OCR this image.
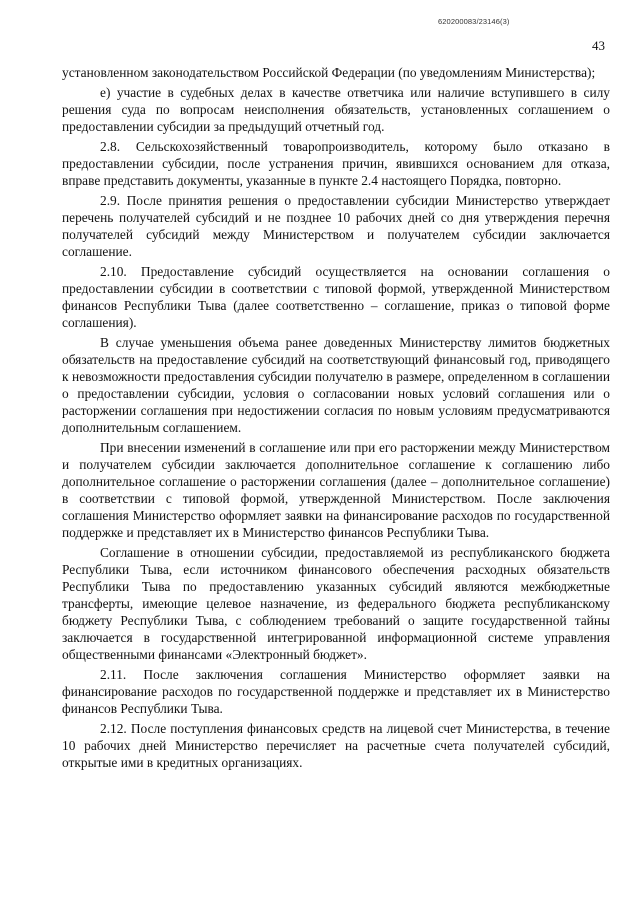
620200083/23146(3)
43

установленном законодательством Российской Федерации (по уведомлениям Министерства);

е) участие в судебных делах в качестве ответчика или наличие вступившего в силу решения суда по вопросам неисполнения обязательств, установленных соглашением о предоставлении субсидии за предыдущий отчетный год.

2.8. Сельскохозяйственный товаропроизводитель, которому было отказано в предоставлении субсидии, после устранения причин, явившихся основанием для отказа, вправе представить документы, указанные в пункте 2.4 настоящего Порядка, повторно.

2.9. После принятия решения о предоставлении субсидии Министерство утверждает перечень получателей субсидий и не позднее 10 рабочих дней со дня утверждения перечня получателей субсидий между Министерством и получателем субсидии заключается соглашение.

2.10. Предоставление субсидий осуществляется на основании соглашения о предоставлении субсидии в соответствии с типовой формой, утвержденной Министерством финансов Республики Тыва (далее соответственно – соглашение, приказ о типовой форме соглашения).

В случае уменьшения объема ранее доведенных Министерству лимитов бюджетных обязательств на предоставление субсидий на соответствующий финансовый год, приводящего к невозможности предоставления субсидии получателю в размере, определенном в соглашении о предоставлении субсидии, условия о согласовании новых условий соглашения или о расторжении соглашения при недостижении согласия по новым условиям предусматриваются дополнительным соглашением.

При внесении изменений в соглашение или при его расторжении между Министерством и получателем субсидии заключается дополнительное соглашение к соглашению либо дополнительное соглашение о расторжении соглашения (далее – дополнительное соглашение) в соответствии с типовой формой, утвержденной Министерством. После заключения соглашения Министерство оформляет заявки на финансирование расходов по государственной поддержке и представляет их в Министерство финансов Республики Тыва.

Соглашение в отношении субсидии, предоставляемой из республиканского бюджета Республики Тыва, если источником финансового обеспечения расходных обязательств Республики Тыва по предоставлению указанных субсидий являются межбюджетные трансферты, имеющие целевое назначение, из федерального бюджета республиканскому бюджету Республики Тыва, с соблюдением требований о защите государственной тайны заключается в государственной интегрированной информационной системе управления общественными финансами «Электронный бюджет».

2.11. После заключения соглашения Министерство оформляет заявки на финансирование расходов по государственной поддержке и представляет их в Министерство финансов Республики Тыва.

2.12. После поступления финансовых средств на лицевой счет Министерства, в течение 10 рабочих дней Министерство перечисляет на расчетные счета получателей субсидий, открытые ими в кредитных организациях.
